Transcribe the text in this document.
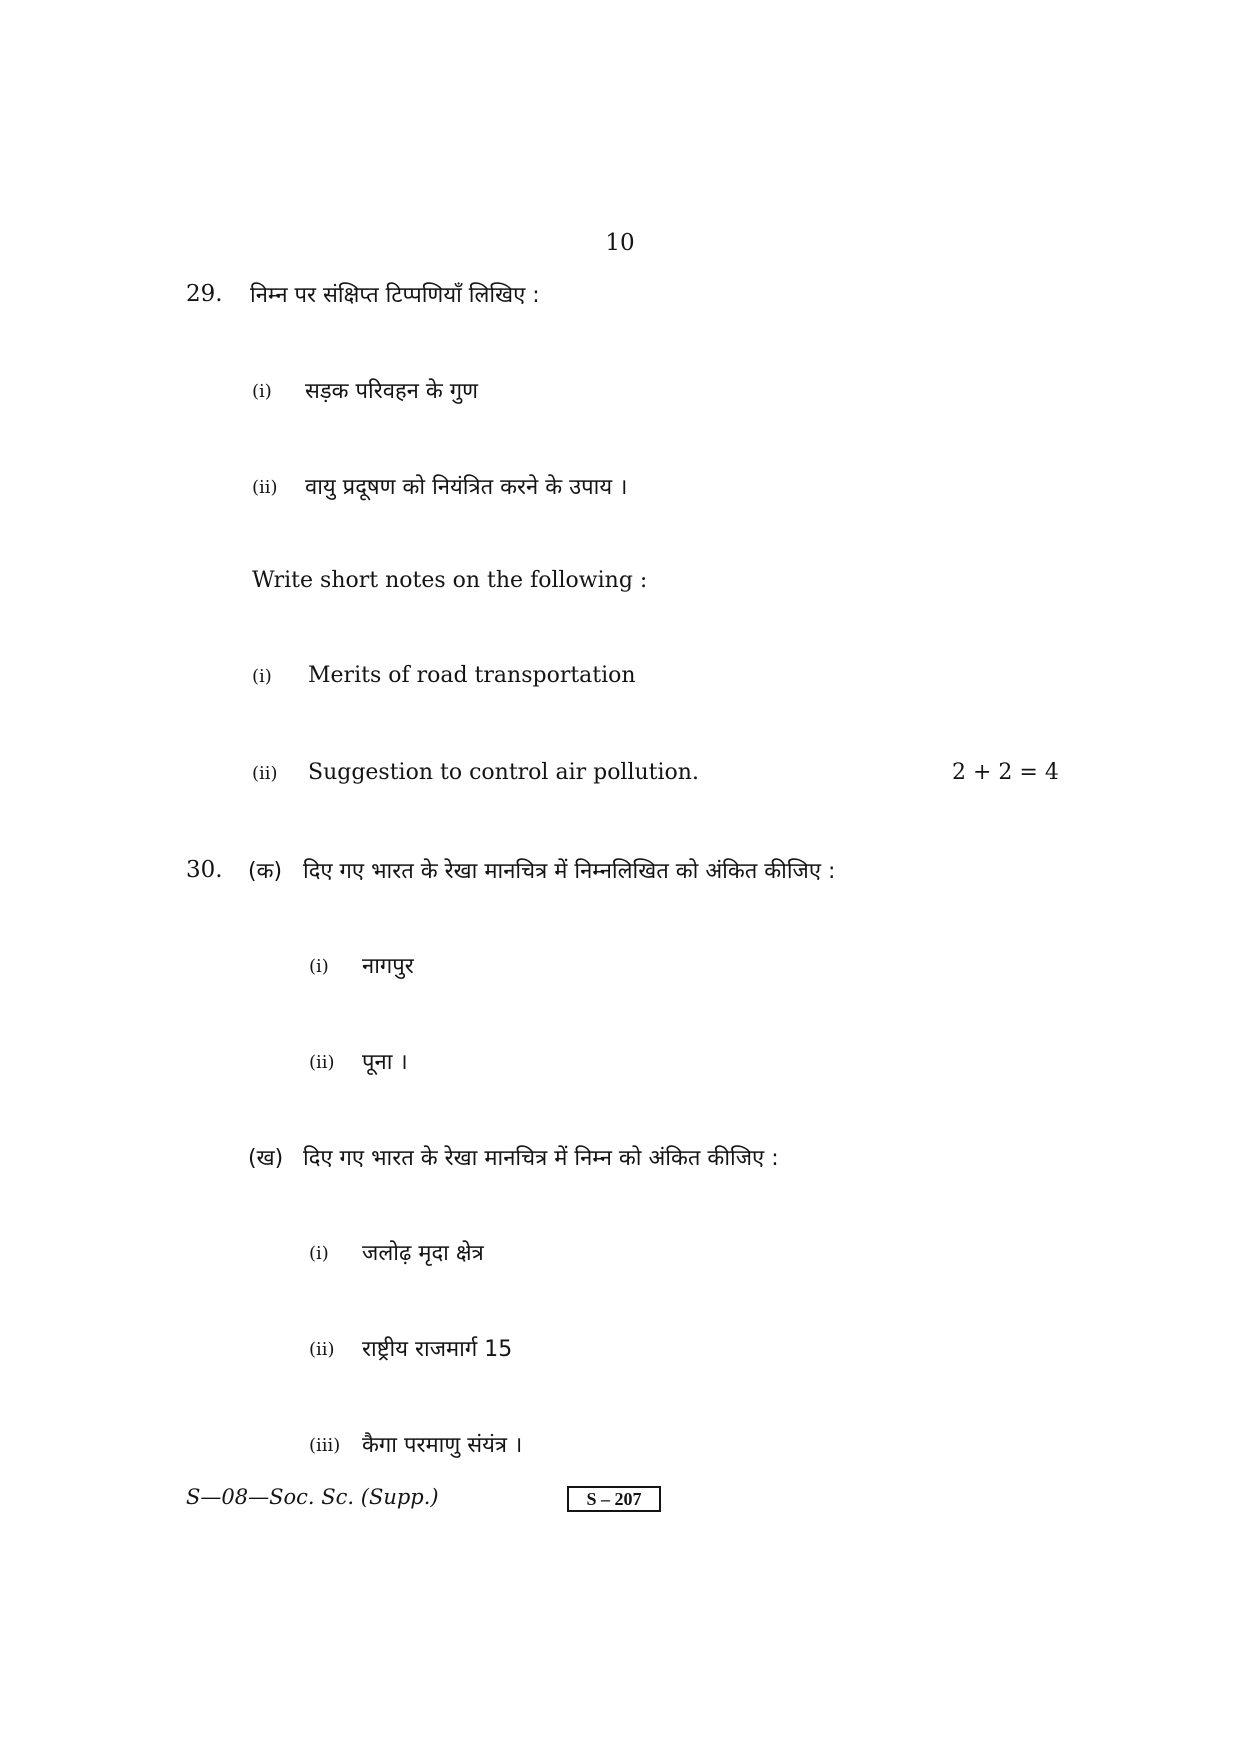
10
29. निम्न पर संक्षिप्त टिप्पणियाँ लिखिए :
(i) सड़क परिवहन के गुण
(ii) वायु प्रदूषण को नियंत्रित करने के उपाय ।
Write short notes on the following :
(i) Merits of road transportation
(ii) Suggestion to control air pollution.	2 + 2 = 4
30. (क) दिए गए भारत के रेखा मानचित्र में निम्नलिखित को अंकित कीजिए :
(i) नागपुर
(ii) पूना ।
(ख) दिए गए भारत के रेखा मानचित्र में निम्न को अंकित कीजिए :
(i) जलोढ़ मृदा क्षेत्र
(ii) राष्ट्रीय राजमार्ग 15
(iii) कैगा परमाणु संयंत्र ।
S—08—Soc. Sc. (Supp.)	S – 207
